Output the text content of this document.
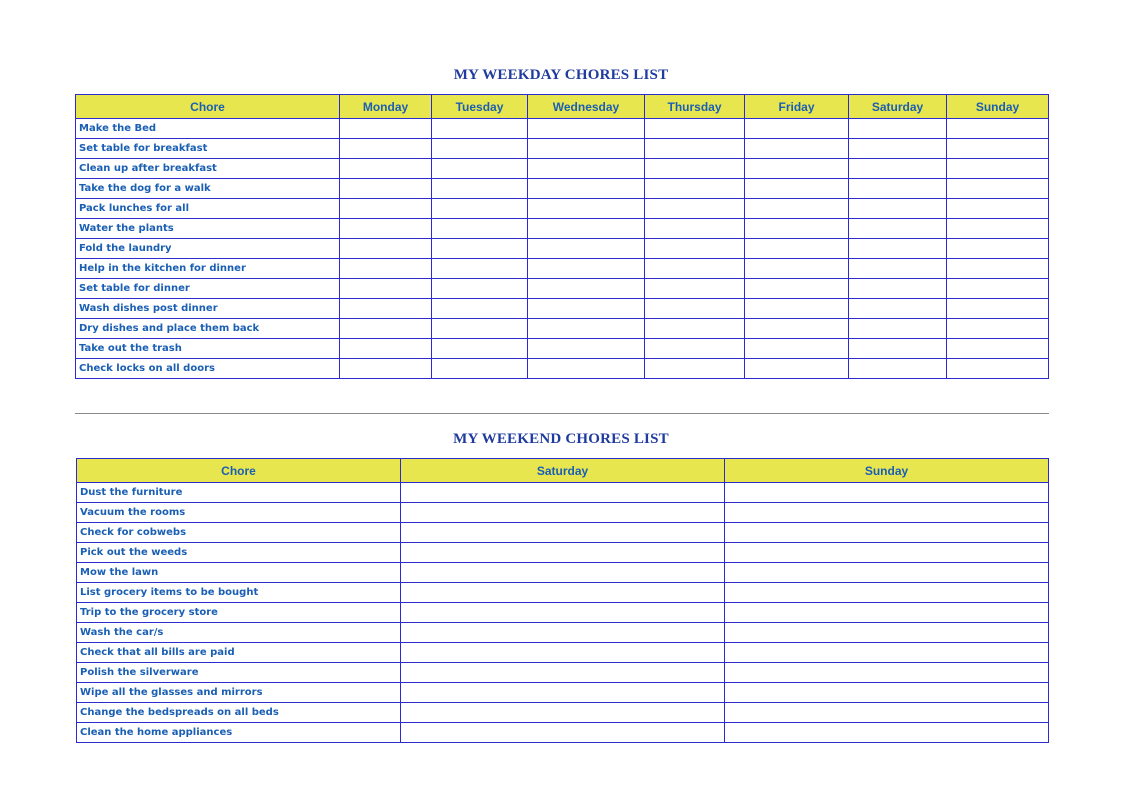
MY WEEKDAY CHORES LIST
Chore	Monday	Tuesday	Wednesday	Thursday	Friday	Saturday	Sunday
Make the Bed							
Set table for breakfast							
Clean up after breakfast							
Take the dog for a walk							
Pack lunches for all							
Water the plants							
Fold the laundry							
Help in the kitchen for dinner							
Set table for dinner							
Wash dishes post dinner							
Dry dishes and place them back							
Take out the trash							
Check locks on all doors							
MY WEEKEND CHORES LIST
Chore	Saturday	Sunday
Dust the furniture		
Vacuum the rooms		
Check for cobwebs		
Pick out the weeds		
Mow the lawn		
List grocery items to be bought		
Trip to the grocery store		
Wash the car/s		
Check that all bills are paid		
Polish the silverware		
Wipe all the glasses and mirrors		
Change the bedspreads on all beds		
Clean the home appliances		
